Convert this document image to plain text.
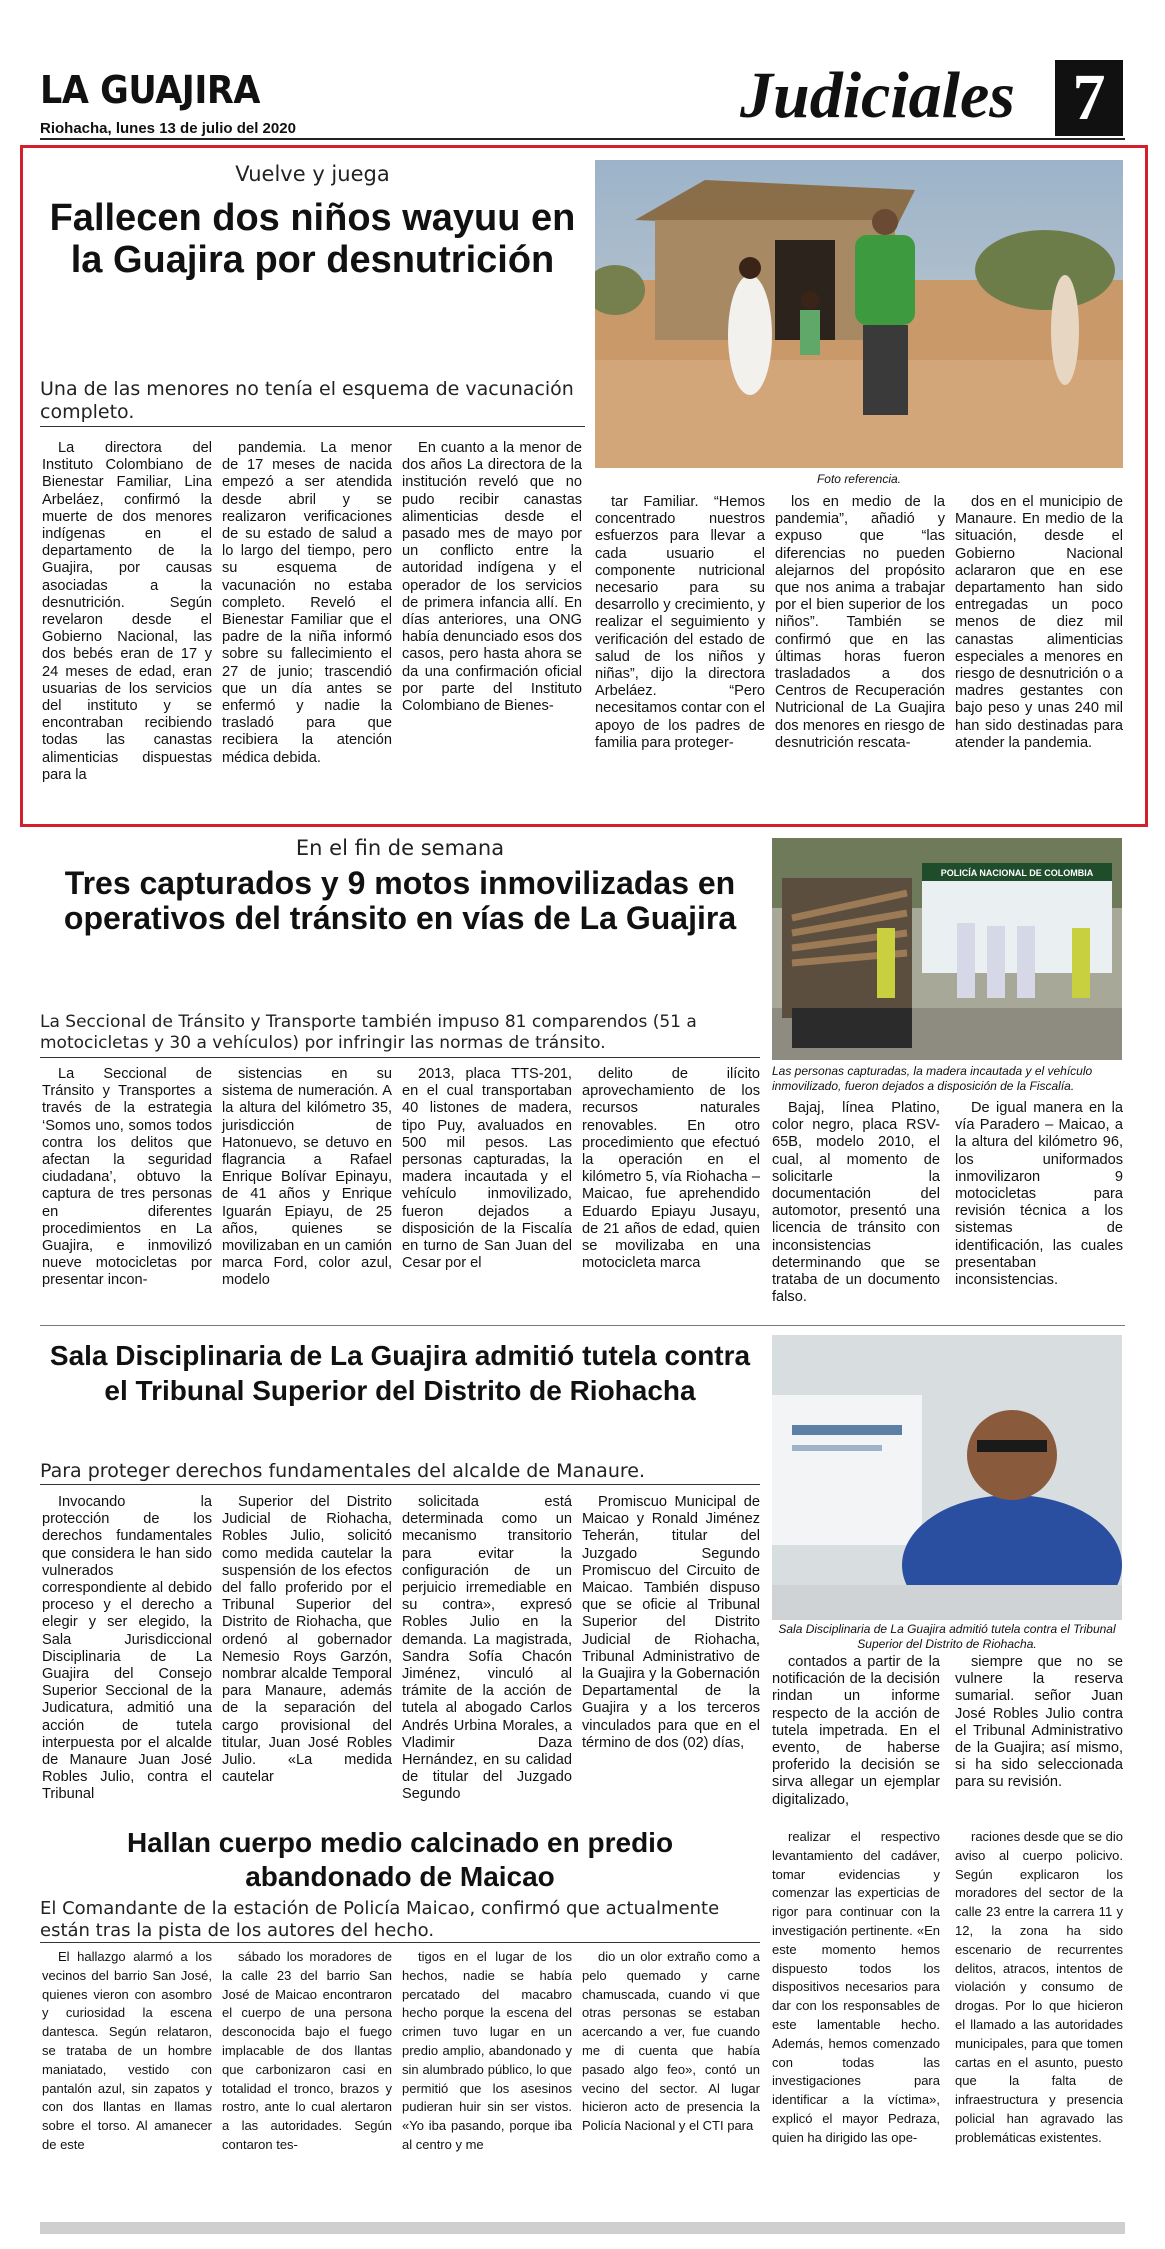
LA GUAJIRA
Riohacha, lunes 13 de julio del 2020	Judiciales 7
Vuelve y juega
Fallecen dos niños wayuu en la Guajira por desnutrición
Foto referencia.
Una de las menores no tenía el esquema de vacunación completo.

La directora del Instituto Colombiano de Bienestar Familiar, Lina Arbeláez, confirmó la muerte de dos menores indígenas en el departamento de la Guajira, por causas asociadas a la desnutrición. Según revelaron desde el Gobierno Nacional, las dos bebés eran de 17 y 24 meses de edad, eran usuarias de los servicios del instituto y se encontraban recibiendo todas las canastas alimenticias dispuestas para la

pandemia. La menor de 17 meses de nacida empezó a ser atendida desde abril y se realizaron verificaciones de su estado de salud a lo largo del tiempo, pero su esquema de vacunación no estaba completo. Reveló el Bienestar Familiar que el padre de la niña informó sobre su fallecimiento el 27 de junio; trascendió que un día antes se enfermó y nadie la trasladó para que recibiera la atención médica debida.

En cuanto a la menor de dos años La directora de la institución reveló que no pudo recibir canastas alimenticias desde el pasado mes de mayo por un conflicto entre la autoridad indígena y el operador de los servicios de primera infancia allí. En días anteriores, una ONG había denunciado esos dos casos, pero hasta ahora se da una confirmación oficial por parte del Instituto Colombiano de Bienes-

tar Familiar. “Hemos concentrado nuestros esfuerzos para llevar a cada usuario el componente nutricional necesario para su desarrollo y crecimiento, y realizar el seguimiento y verificación del estado de salud de los niños y niñas”, dijo la directora Arbeláez. “Pero necesitamos contar con el apoyo de los padres de familia para proteger-

los en medio de la pandemia”, añadió y expuso que “las diferencias no pueden alejarnos del propósito que nos anima a trabajar por el bien superior de los niños”. También se confirmó que en las últimas horas fueron trasladados a dos Centros de Recuperación Nutricional de La Guajira dos menores en riesgo de desnutrición rescata-

dos en el municipio de Manaure. En medio de la situación, desde el Gobierno Nacional aclararon que en ese departamento han sido entregadas un poco menos de diez mil canastas alimenticias especiales a menores en riesgo de desnutrición o a madres gestantes con bajo peso y unas 240 mil han sido destinadas para atender la pandemia.

En el fin de semana
Tres capturados y 9 motos inmovilizadas en operativos del tránsito en vías de La Guajira
La Seccional de Tránsito y Transporte también impuso 81 comparendos (51 a motocicletas y 30 a vehículos) por infringir las normas de tránsito.
POLICÍA NACIONAL DE COLOMBIA
Las personas capturadas, la madera incautada y el vehículo inmovilizado, fueron dejados a disposición de la Fiscalía.

La Seccional de Tránsito y Transportes a través de la estrategia ‘Somos uno, somos todos contra los delitos que afectan la seguridad ciudadana’, obtuvo la captura de tres personas en diferentes procedimientos en La Guajira, e inmovilizó nueve motocicletas por presentar incon-

sistencias en su sistema de numeración. A la altura del kilómetro 35, jurisdicción de Hatonuevo, se detuvo en flagrancia a Rafael Enrique Bolívar Epinayu, de 41 años y Enrique Iguarán Epiayu, de 25 años, quienes se movilizaban en un camión marca Ford, color azul, modelo

2013, placa TTS-201, en el cual transportaban 40 listones de madera, tipo Puy, avaluados en 500 mil pesos. Las personas capturadas, la madera incautada y el vehículo inmovilizado, fueron dejados a disposición de la Fiscalía en turno de San Juan del Cesar por el

delito de ilícito aprovechamiento de los recursos naturales renovables. En otro procedimiento que efectuó la operación en el kilómetro 5, vía Riohacha – Maicao, fue aprehendido Eduardo Epiayu Jusayu, de 21 años de edad, quien se movilizaba en una motocicleta marca

Bajaj, línea Platino, color negro, placa RSV-65B, modelo 2010, el cual, al momento de solicitarle la documentación del automotor, presentó una licencia de tránsito con inconsistencias determinando que se trataba de un documento falso.

De igual manera en la vía Paradero – Maicao, a la altura del kilómetro 96, los uniformados inmovilizaron 9 motocicletas para revisión técnica a los sistemas de identificación, las cuales presentaban inconsistencias.

Sala Disciplinaria de La Guajira admitió tutela contra el Tribunal Superior del Distrito de Riohacha
Para proteger derechos fundamentales del alcalde de Manaure.
Sala Disciplinaria de La Guajira admitió tutela contra el Tribunal Superior del Distrito de Riohacha.

Invocando la protección de los derechos fundamentales que considera le han sido vulnerados correspondiente al debido proceso y el derecho a elegir y ser elegido, la Sala Jurisdiccional Disciplinaria de La Guajira del Consejo Superior Seccional de la Judicatura, admitió una acción de tutela interpuesta por el alcalde de Manaure Juan José Robles Julio, contra el Tribunal

Superior del Distrito Judicial de Riohacha, Robles Julio, solicitó como medida cautelar la suspensión de los efectos del fallo proferido por el Tribunal Superior del Distrito de Riohacha, que ordenó al gobernador Nemesio Roys Garzón, nombrar alcalde Temporal para Manaure, además de la separación del cargo provisional del titular, Juan José Robles Julio. «La medida cautelar

solicitada está determinada como un mecanismo transitorio para evitar la configuración de un perjuicio irremediable en su contra», expresó Robles Julio en la demanda. La magistrada, Sandra Sofía Chacón Jiménez, vinculó al trámite de la acción de tutela al abogado Carlos Andrés Urbina Morales, a Vladimir Daza Hernández, en su calidad de titular del Juzgado Segundo

Promiscuo Municipal de Maicao y Ronald Jiménez Teherán, titular del Juzgado Segundo Promiscuo del Circuito de Maicao. También dispuso que se oficie al Tribunal Superior del Distrito Judicial de Riohacha, Tribunal Administrativo de la Guajira y la Gobernación Departamental de la Guajira y a los terceros vinculados para que en el término de dos (02) días,

contados a partir de la notificación de la decisión rindan un informe respecto de la acción de tutela impetrada. En el evento, de haberse proferido la decisión se sirva allegar un ejemplar digitalizado,

siempre que no se vulnere la reserva sumarial. señor Juan José Robles Julio contra el Tribunal Administrativo de la Guajira; así mismo, si ha sido seleccionada para su revisión.

Hallan cuerpo medio calcinado en predio abandonado de Maicao
El Comandante de la estación de Policía Maicao, confirmó que actualmente están tras la pista de los autores del hecho.

El hallazgo alarmó a los vecinos del barrio San José, quienes vieron con asombro y curiosidad la escena dantesca. Según relataron, se trataba de un hombre maniatado, vestido con pantalón azul, sin zapatos y con dos llantas en llamas sobre el torso. Al amanecer de este

sábado los moradores de la calle 23 del barrio San José de Maicao encontraron el cuerpo de una persona desconocida bajo el fuego implacable de dos llantas que carbonizaron casi en totalidad el tronco, brazos y rostro, ante lo cual alertaron a las autoridades. Según contaron tes-

tigos en el lugar de los hechos, nadie se había percatado del macabro hecho porque la escena del crimen tuvo lugar en un predio amplio, abandonado y sin alumbrado público, lo que permitió que los asesinos pudieran huir sin ser vistos. «Yo iba pasando, porque iba al centro y me

dio un olor extraño como a pelo quemado y carne chamuscada, cuando vi que otras personas se estaban acercando a ver, fue cuando me di cuenta que había pasado algo feo», contó un vecino del sector. Al lugar hicieron acto de presencia la Policía Nacional y el CTI para

realizar el respectivo levantamiento del cadáver, tomar evidencias y comenzar las experticias de rigor para continuar con la investigación pertinente. «En este momento hemos dispuesto todos los dispositivos necesarios para dar con los responsables de este lamentable hecho. Además, hemos comenzado con todas las investigaciones para identificar a la víctima», explicó el mayor Pedraza, quien ha dirigido las ope-

raciones desde que se dio aviso al cuerpo policivo. Según explicaron los moradores del sector de la calle 23 entre la carrera 11 y 12, la zona ha sido escenario de recurrentes delitos, atracos, intentos de violación y consumo de drogas. Por lo que hicieron el llamado a las autoridades municipales, para que tomen cartas en el asunto, puesto que la falta de infraestructura y presencia policial han agravado las problemáticas existentes.
